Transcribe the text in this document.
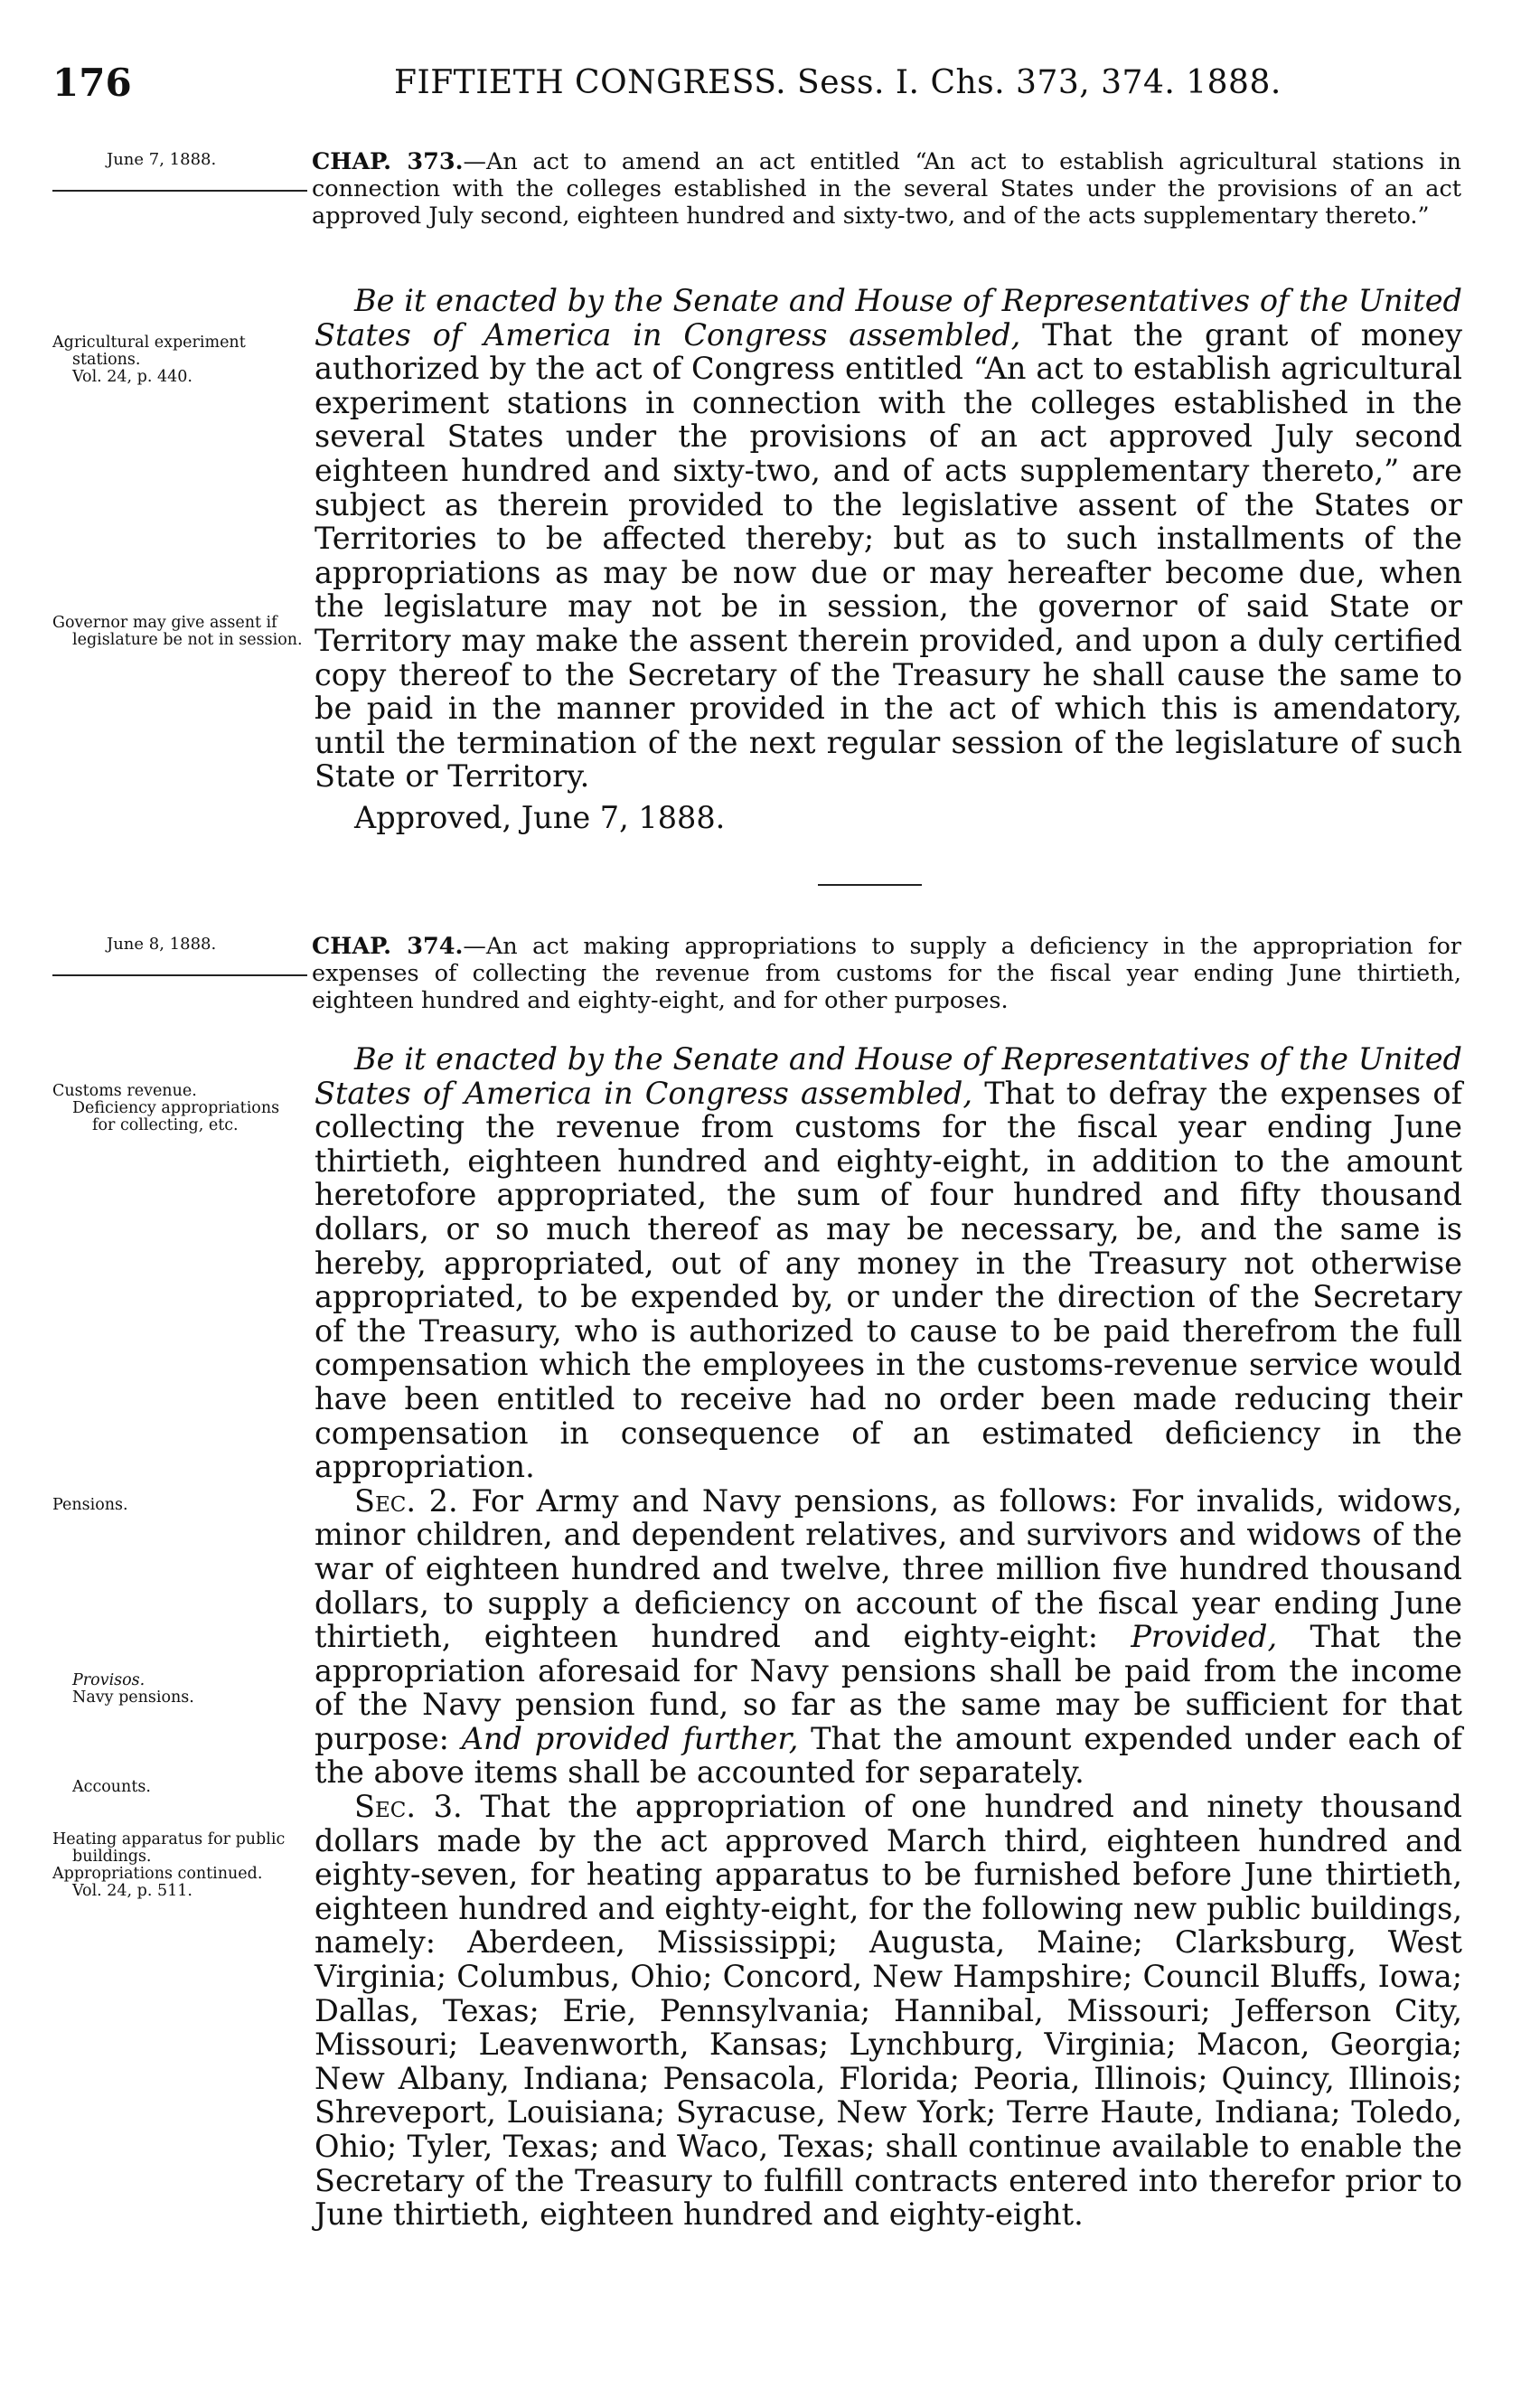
176	FIFTIETH CONGRESS. Sess. I. Chs. 373, 374. 1888.
June 7, 1888.	CHAP. 373.—An act to amend an act entitled “An act to establish agricultural stations in connection with the colleges established in the several States under the provisions of an act approved July second, eighteen hundred and sixty-two, and of the acts supplementary thereto.”
Agricultural experiment stations.
Vol. 24, p. 440.
Governor may give assent if legislature be not in session.

Be it enacted by the Senate and House of Representatives of the United States of America in Congress assembled, That the grant of money authorized by the act of Congress entitled “An act to establish agricultural experiment stations in connection with the colleges established in the several States under the provisions of an act approved July second eighteen hundred and sixty-two, and of acts supplementary thereto,” are subject as therein provided to the legislative assent of the States or Territories to be affected thereby; but as to such installments of the appropriations as may be now due or may hereafter become due, when the legislature may not be in session, the governor of said State or Territory may make the assent therein provided, and upon a duly certified copy thereof to the Secretary of the Treasury he shall cause the same to be paid in the manner provided in the act of which this is amendatory, until the termination of the next regular session of the legislature of such State or Territory.

Approved, June 7, 1888.

June 8, 1888.	CHAP. 374.—An act making appropriations to supply a deficiency in the appropriation for expenses of collecting the revenue from customs for the fiscal year ending June thirtieth, eighteen hundred and eighty-eight, and for other purposes.
Customs revenue.
Deficiency appropriations for collecting, etc.
Pensions.
Provisos.
Navy pensions.
Accounts.
Heating apparatus for public buildings.
Appropriations continued.
Vol. 24, p. 511.

Be it enacted by the Senate and House of Representatives of the United States of America in Congress assembled, That to defray the expenses of collecting the revenue from customs for the fiscal year ending June thirtieth, eighteen hundred and eighty-eight, in addition to the amount heretofore appropriated, the sum of four hundred and fifty thousand dollars, or so much thereof as may be necessary, be, and the same is hereby, appropriated, out of any money in the Treasury not otherwise appropriated, to be expended by, or under the direction of the Secretary of the Treasury, who is authorized to cause to be paid therefrom the full compensation which the employees in the customs-revenue service would have been entitled to receive had no order been made reducing their compensation in consequence of an estimated deficiency in the appropriation.

Sec. 2. For Army and Navy pensions, as follows: For invalids, widows, minor children, and dependent relatives, and survivors and widows of the war of eighteen hundred and twelve, three million five hundred thousand dollars, to supply a deficiency on account of the fiscal year ending June thirtieth, eighteen hundred and eighty-eight: Provided, That the appropriation aforesaid for Navy pensions shall be paid from the income of the Navy pension fund, so far as the same may be sufficient for that purpose: And provided further, That the amount expended under each of the above items shall be accounted for separately.

Sec. 3. That the appropriation of one hundred and ninety thousand dollars made by the act approved March third, eighteen hundred and eighty-seven, for heating apparatus to be furnished before June thirtieth, eighteen hundred and eighty-eight, for the following new public buildings, namely: Aberdeen, Mississippi; Augusta, Maine; Clarksburg, West Virginia; Columbus, Ohio; Concord, New Hampshire; Council Bluffs, Iowa; Dallas, Texas; Erie, Pennsylvania; Hannibal, Missouri; Jefferson City, Missouri; Leavenworth, Kansas; Lynchburg, Virginia; Macon, Georgia; New Albany, Indiana; Pensacola, Florida; Peoria, Illinois; Quincy, Illinois; Shreveport, Louisiana; Syracuse, New York; Terre Haute, Indiana; Toledo, Ohio; Tyler, Texas; and Waco, Texas; shall continue available to enable the Secretary of the Treasury to fulfill contracts entered into therefor prior to June thirtieth, eighteen hundred and eighty-eight.
